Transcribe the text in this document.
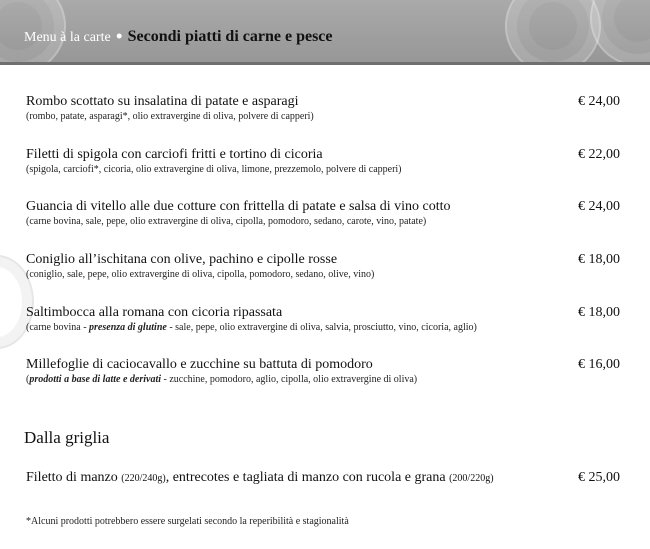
Menu à la carte • Secondi piatti di carne e pesce
Rombo scottato su insalatina di patate e asparagi	€ 24,00
(rombo, patate, asparagi*, olio extravergine di oliva, polvere di capperi)
Filetti di spigola con carciofi fritti e tortino di cicoria	€ 22,00
(spigola, carciofi*, cicoria, olio extravergine di oliva, limone, prezzemolo, polvere di capperi)
Guancia di vitello alle due cotture con frittella di patate e salsa di vino cotto	€ 24,00
(carne bovina, sale, pepe, olio extravergine di oliva, cipolla, pomodoro, sedano, carote, vino, patate)
Coniglio all’ischitana con olive, pachino e cipolle rosse	€ 18,00
(coniglio, sale, pepe, olio extravergine di oliva, cipolla, pomodoro, sedano, olive, vino)
Saltimbocca alla romana con cicoria ripassata	€ 18,00
(carne bovina - presenza di glutine - sale, pepe, olio extravergine di oliva, salvia, prosciutto, vino, cicoria, aglio)
Millefoglie di caciocavallo e zucchine su battuta di pomodoro	€ 16,00
(prodotti a base di latte e derivati - zucchine, pomodoro, aglio, cipolla, olio extravergine di oliva)
Dalla griglia
Filetto di manzo (220/240g), entrecotes e tagliata di manzo con rucola e grana (200/220g)	€ 25,00
*Alcuni prodotti potrebbero essere surgelati secondo la reperibilità e stagionalità
